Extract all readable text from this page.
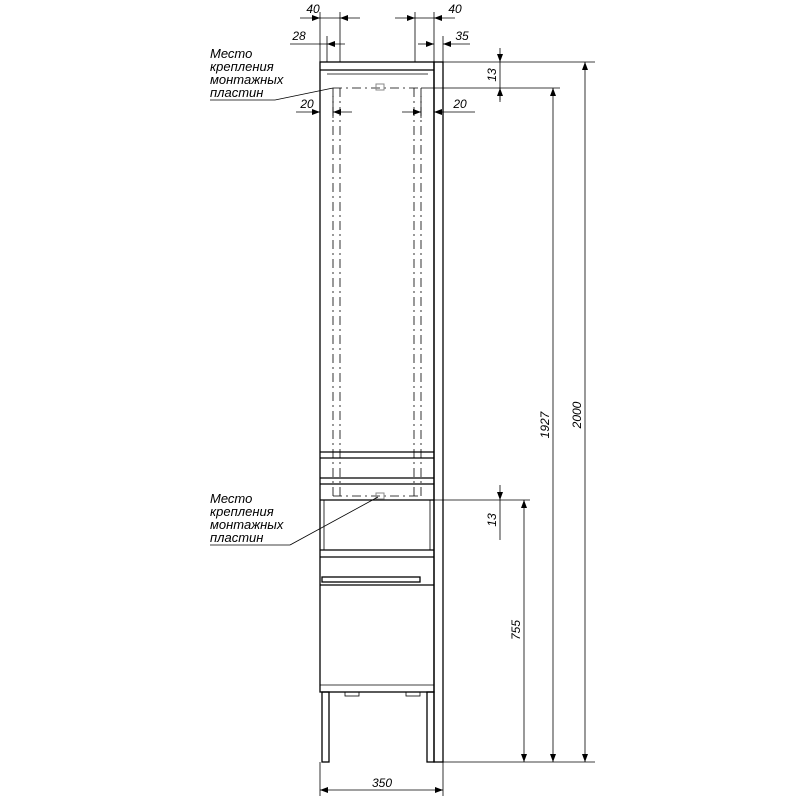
40	40
28	35
20	20
13
1927 2000
13
755
350
Место
крепления
монтажных
пластин
Место
крепления
монтажных
пластин
